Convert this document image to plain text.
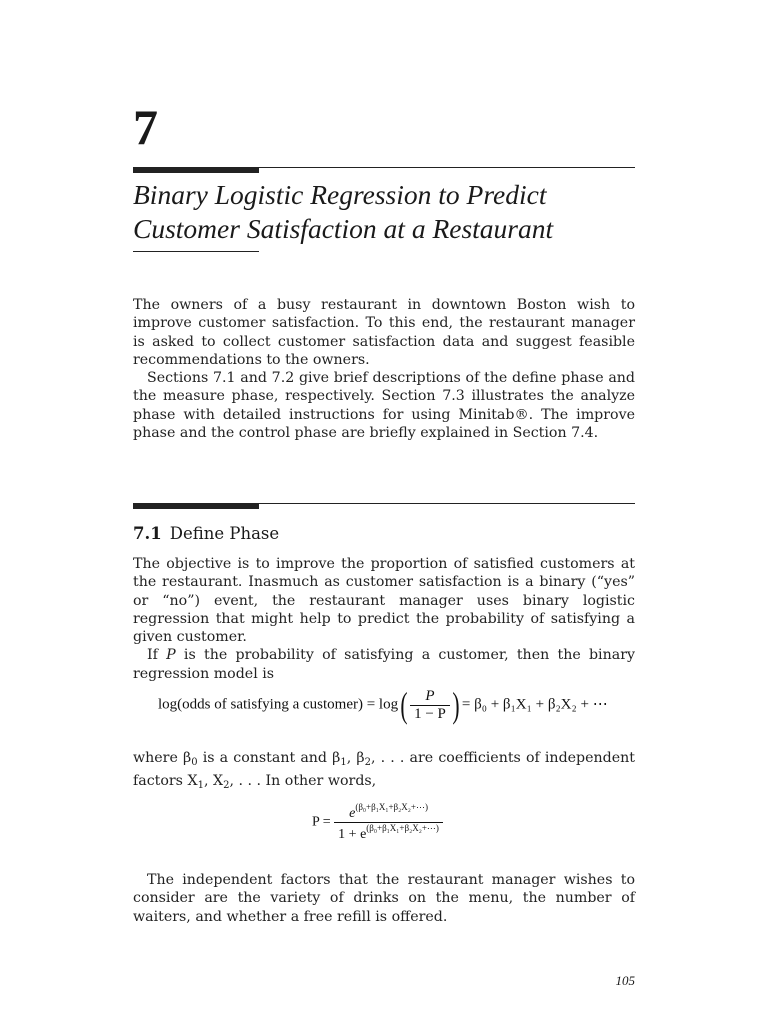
7
Binary Logistic Regression to Predict Customer Satisfaction at a Restaurant

The owners of a busy restaurant in downtown Boston wish to improve customer satisfaction. To this end, the restaurant manager is asked to collect customer satisfaction data and suggest feasible recommendations to the owners.

Sections 7.1 and 7.2 give brief descriptions of the define phase and the measure phase, respectively. Section 7.3 illustrates the analyze phase with detailed instructions for using Minitab®. The improve phase and the control phase are briefly explained in Section 7.4.

7.1 Define Phase

The objective is to improve the proportion of satisfied customers at the restaurant. Inasmuch as customer satisfaction is a binary (“yes” or “no”) event, the restaurant manager uses binary logistic regression that might help to predict the probability of satisfying a given customer.

If P is the probability of satisfying a customer, then the binary regression model is

log(odds of satisfying a customer) = $\log( \frac{P}{1 - P}$ ) = β₀ + β₁X₁ + β₂X₂ + ⋯

where $\beta_0$ is a constant and $\beta_1$, $\beta_2$, . . . are coefficients of independent factors $X_1$, $X_2$, . . . In other words,

$P = \frac{e^{(\beta_0+\beta_1X_1+\beta_2X_2+\cdots)}}{1 + e^{(\beta_0+\beta_1X_1+\beta_2X_2+\cdots)}}$

The independent factors that the restaurant manager wishes to consider are the variety of drinks on the menu, the number of waiters, and whether a free refill is offered.

105
